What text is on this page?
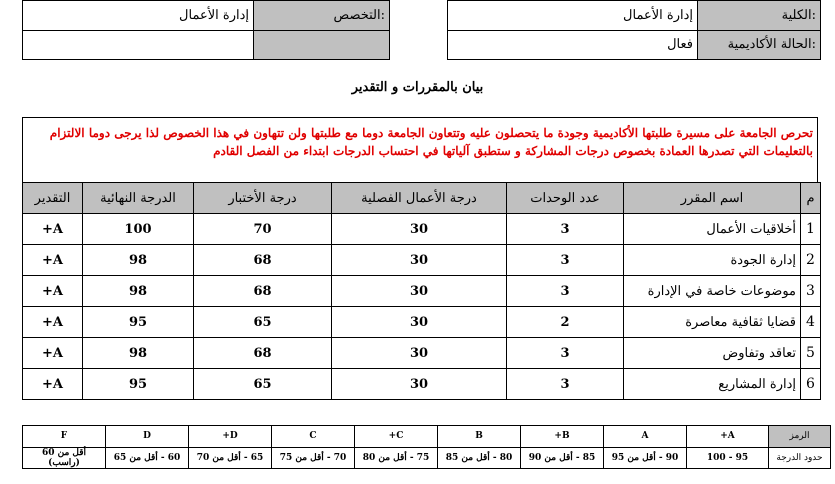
إدارة الأعمال	التخصص:		إدارة الأعمال	الكلية:
			فعال	الحالة الأكاديمية:
بيان بالمقررات و التقدير
تحرص الجامعة على مسيرة طلبتها الأكاديمية وجودة ما يتحصلون عليه وتتعاون الجامعة دوما مع طلبتها ولن تتهاون في هذا الخصوص لذا يرجى دوما الالتزام بالتعليمات التي تصدرها العمادة بخصوص درجات المشاركة و ستطبق آلياتها في احتساب الدرجات ابتداء من الفصل القادم
م	اسم المقرر	عدد الوحدات	درجة الأعمال الفصلية	درجة الأختبار	الدرجة النهائية	التقدير
1	أخلاقيات الأعمال	3	30	70	100	A+
2	إدارة الجودة	3	30	68	98	A+
3	موضوعات خاصة في الإدارة	3	30	68	98	A+
4	قضايا ثقافية معاصرة	2	30	65	95	A+
5	تعاقد وتفاوض	3	30	68	98	A+
6	إدارة المشاريع	3	30	65	95	A+
الرمز	A+	A	B+	B	C+	C	D+	D	F
حدود الدرجة	95 - 100	90 - أقل من 95	85 - أقل من 90	80 - أقل من 85	75 - أقل من 80	70 - أقل من 75	65 - أقل من 70	60 - أقل من 65	أقل من 60 (راسب)
